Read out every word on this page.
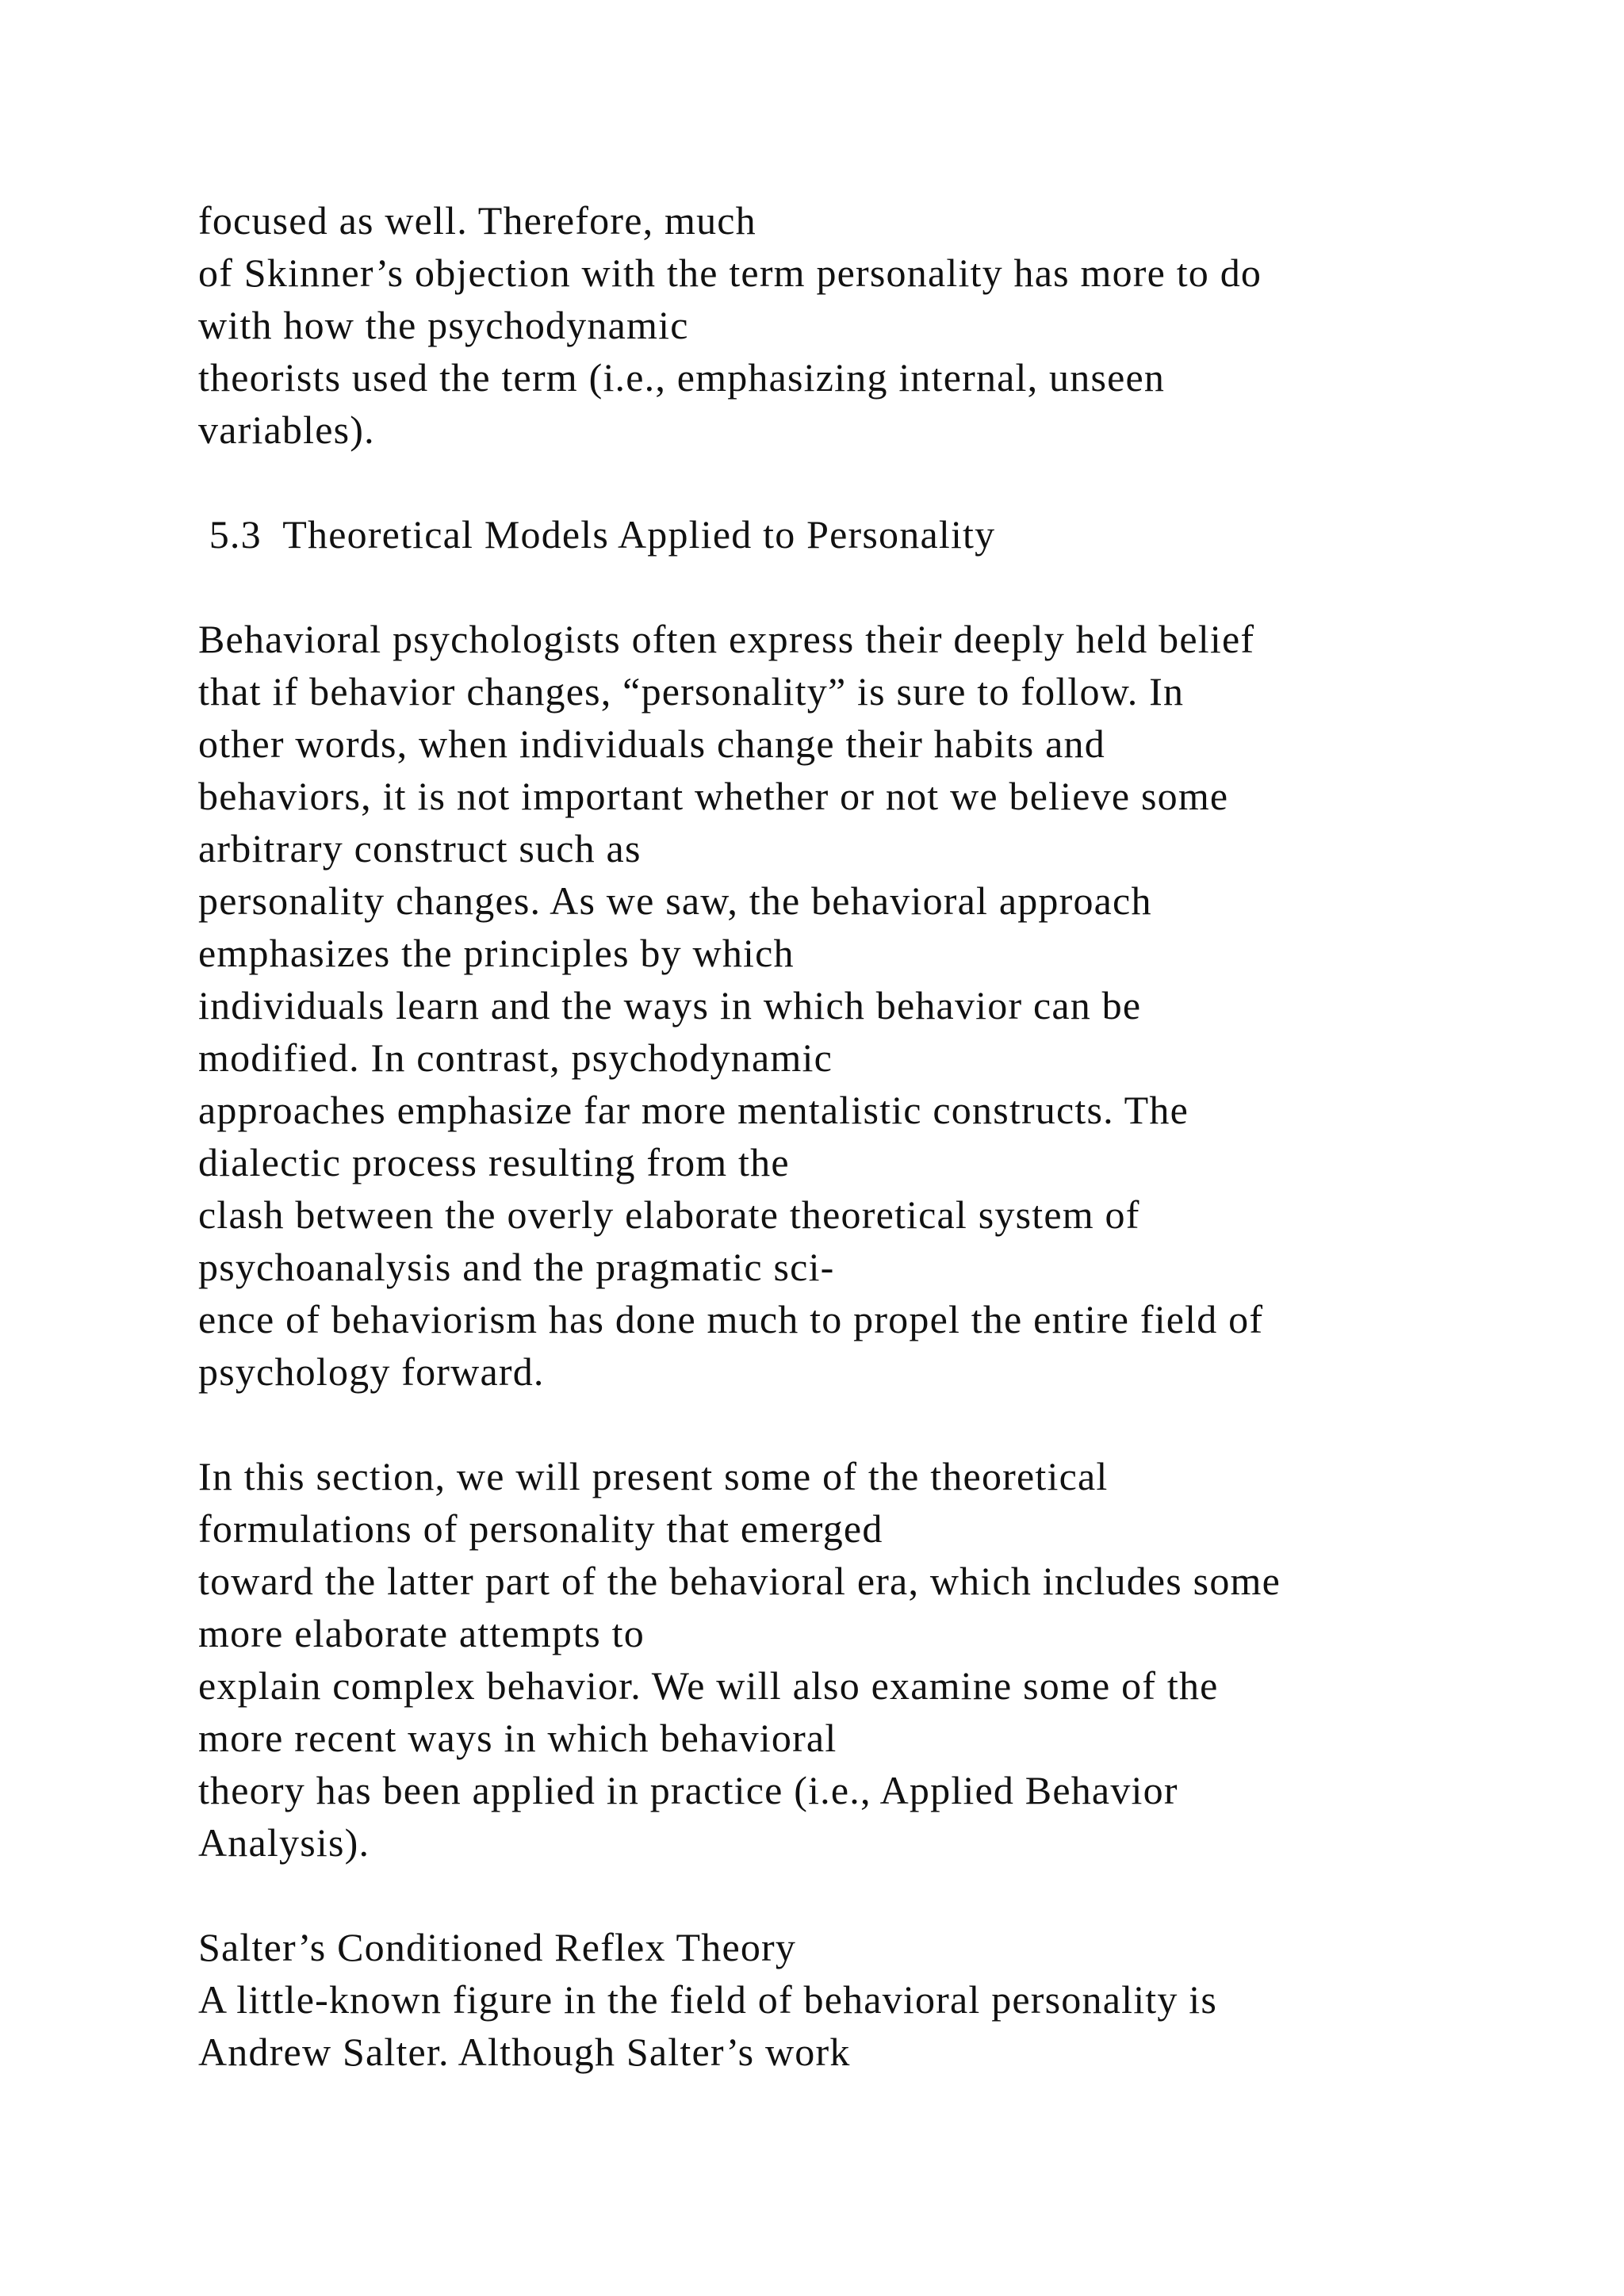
focused as well. Therefore, much
of Skinner’s objection with the term personality has more to do
with how the psychodynamic
theorists used the term (i.e., emphasizing internal, unseen
variables).
5.3  Theoretical Models Applied to Personality
Behavioral psychologists often express their deeply held belief
that if behavior changes, “personality” is sure to follow. In
other words, when individuals change their habits and
behaviors, it is not important whether or not we believe some
arbitrary construct such as
personality changes. As we saw, the behavioral approach
emphasizes the principles by which
individuals learn and the ways in which behavior can be
modified. In contrast, psychodynamic
approaches emphasize far more mentalistic constructs. The
dialectic process resulting from the
clash between the overly elaborate theoretical system of
psychoanalysis and the pragmatic sci-
ence of behaviorism has done much to propel the entire field of
psychology forward.
In this section, we will present some of the theoretical
formulations of personality that emerged
toward the latter part of the behavioral era, which includes some
more elaborate attempts to
explain complex behavior. We will also examine some of the
more recent ways in which behavioral
theory has been applied in practice (i.e., Applied Behavior
Analysis).
Salter’s Conditioned Reflex Theory
A little-known figure in the field of behavioral personality is
Andrew Salter. Although Salter’s work
